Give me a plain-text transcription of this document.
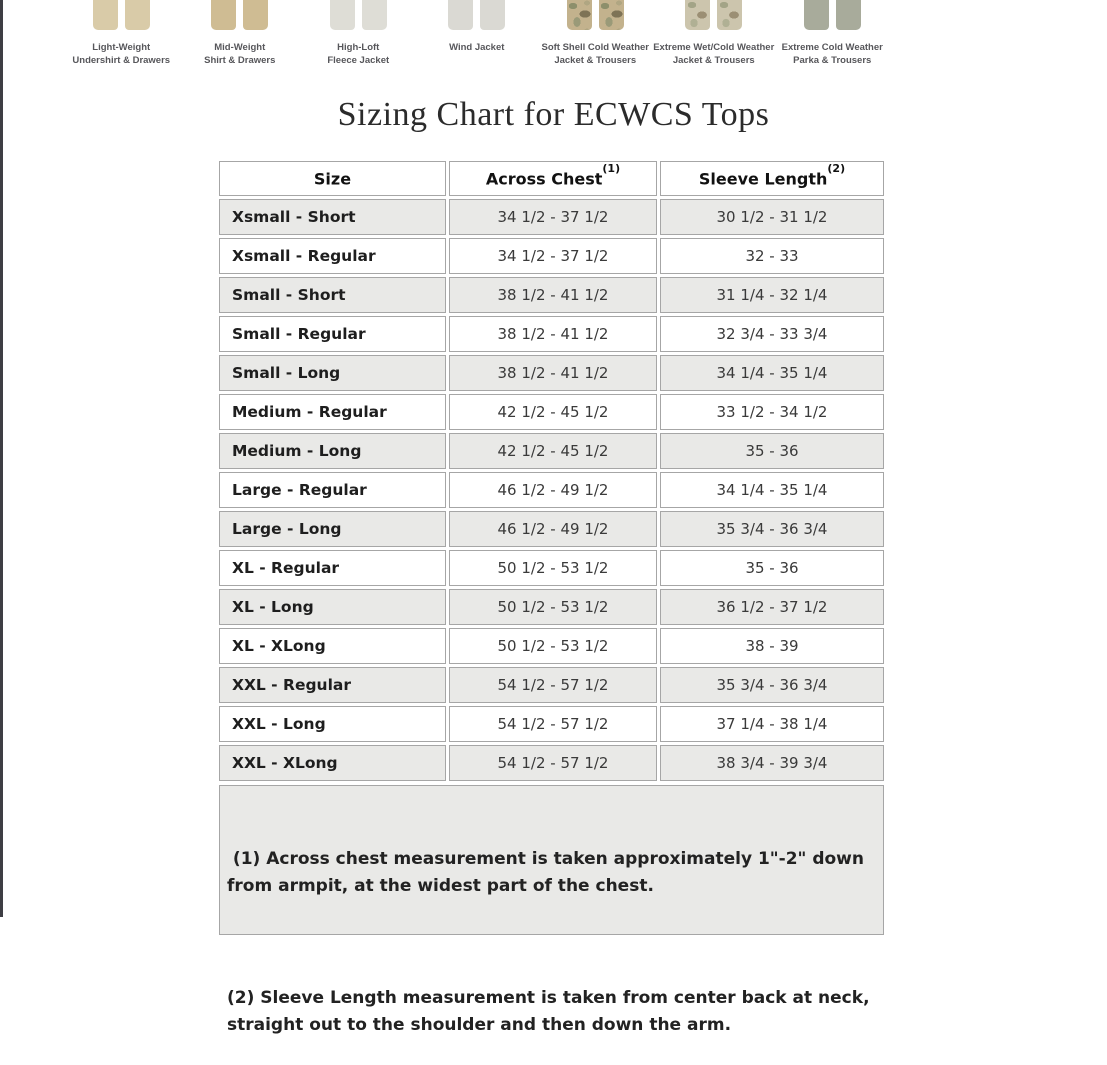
Light-Weight
Undershirt & Drawers
Mid-Weight
Shirt & Drawers
High-Loft
Fleece Jacket
Wind Jacket	Soft Shell Cold Weather
Jacket & Trousers
Extreme Wet/Cold Weather
Jacket & Trousers
Extreme Cold Weather
Parka & Trousers
Sizing Chart for ECWCS Tops
Size	Across Chest$^{(1)}$	Sleeve Length$^{(2)}$
Xsmall - Short	34 1/2 - 37 1/2	30 1/2 - 31 1/2
Xsmall - Regular	34 1/2 - 37 1/2	32 - 33
Small - Short	38 1/2 - 41 1/2	31 1/4 - 32 1/4
Small - Regular	38 1/2 - 41 1/2	32 3/4 - 33 3/4
Small - Long	38 1/2 - 41 1/2	34 1/4 - 35 1/4
Medium - Regular	42 1/2 - 45 1/2	33 1/2 - 34 1/2
Medium - Long	42 1/2 - 45 1/2	35 - 36
Large - Regular	46 1/2 - 49 1/2	34 1/4 - 35 1/4
Large - Long	46 1/2 - 49 1/2	35 3/4 - 36 3/4
XL - Regular	50 1/2 - 53 1/2	35 - 36
XL - Long	50 1/2 - 53 1/2	36 1/2 - 37 1/2
XL - XLong	50 1/2 - 53 1/2	38 - 39
XXL - Regular	54 1/2 - 57 1/2	35 3/4 - 36 3/4
XXL - Long	54 1/2 - 57 1/2	37 1/4 - 38 1/4
XXL - XLong	54 1/2 - 57 1/2	38 3/4 - 39 3/4

(1) Across chest measurement is taken approximately 1"-2" down
from armpit, at the widest part of the chest.

(2) Sleeve Length measurement is taken from center back at neck,
straight out to the shoulder and then down the arm.
